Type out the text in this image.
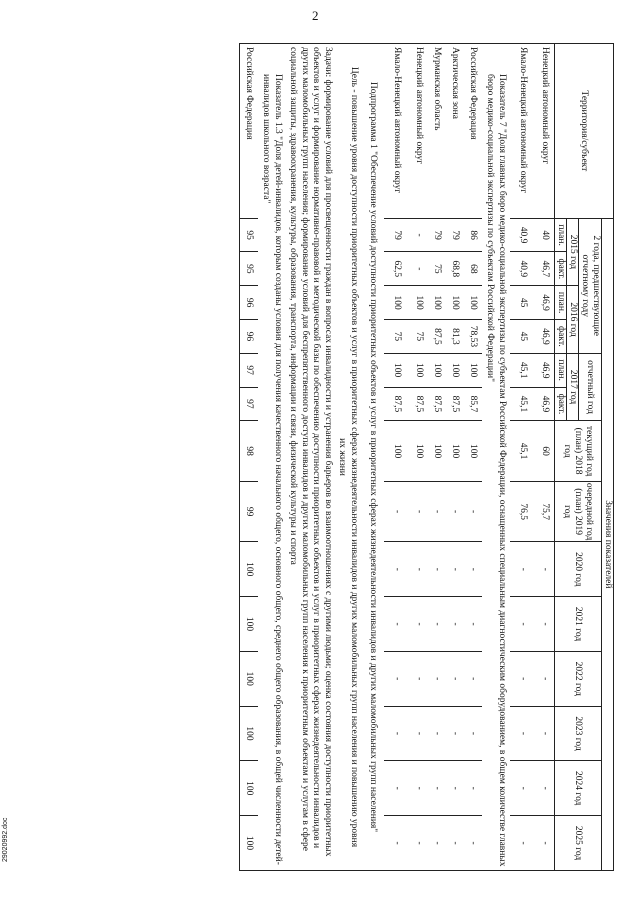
2
Территория/субъект	Значения показателей													
	2 года, предшествующие отчетному году				отчетный год		текущий год (план) 2018 год	очередной год (план) 2019 год	2020 год	2021 год	2022 год	2023 год	2024 год	2025 год
	2015 год		2016 год		2017 год									
	план.	факт.	план.	факт.	план.	факт.								
Ненецкий автономный округ	40	46,7	46,9	46,9	46,9	46,9	60	75,7	-	-	-	-	-	-
Ямало-Ненецкий автономный округ	40,9	40,9	45	45	45,1	45,1	45,1	76,5	-	-	-	-	-	-
Показатель 7 "Доля главных бюро медико-социальной экспертизы по субъектам Российской Федерации, оснащенных специальным диагностическим оборудованием, в общем количестве главных бюро медико-социальной экспертизы по субъектам Российской Федерации"														
Российская Федерация	86	68	100	78,53	100	85,7	100	-	-	-	-	-	-	-
Арктическая зона	79	68,8	100	81,3	100	87,5	100	-	-	-	-	-	-	-
Мурманская область	79	75	100	87,5	100	87,5	100	-	-	-	-	-	-	-
Ненецкий автономный округ	-	-	100	75	100	87,5	100	-	-	-	-	-	-	-
Ямало-Ненецкий автономный округ	79	62,5	100	75	100	87,5	100	-	-	-	-	-	-	-
Подпрограмма 1 "Обеспечение условий доступности приоритетных объектов и услуг в приоритетных сферах жизнедеятельности инвалидов и других маломобильных групп населения"														
Цель - повышение уровня доступности приоритетных объектов и услуг в приоритетных сферах жизнедеятельности инвалидов и других маломобильных групп населения и повышению уровня их жизни														
Задачи: формирование условий для просвещенности граждан в вопросах инвалидности и устранения барьеров во взаимоотношениях с другими людьми; оценка состояния доступности приоритетных объектов и услуг и формирование нормативно-правовой и методической базы по обеспечению доступности приоритетных объектов и услуг в приоритетных сферах жизнедеятельности инвалидов и других маломобильных групп населения; формирование условий для беспрепятственного доступа инвалидов и других маломобильных групп населения к приоритетным объектам и услугам в сфере социальной защиты, здравоохранения, культуры, образования, транспорта, информации и связи, физической культуры и спорта														
Показатель 1.3 "Доля детей-инвалидов, которым созданы условия для получения качественного начального общего, основного общего, среднего общего образования, в общей численности детей-инвалидов школьного возраста"														
Российская Федерация	95	95	96	96	97	97	98	99	100	100	100	100	100	100
29020992.doc
